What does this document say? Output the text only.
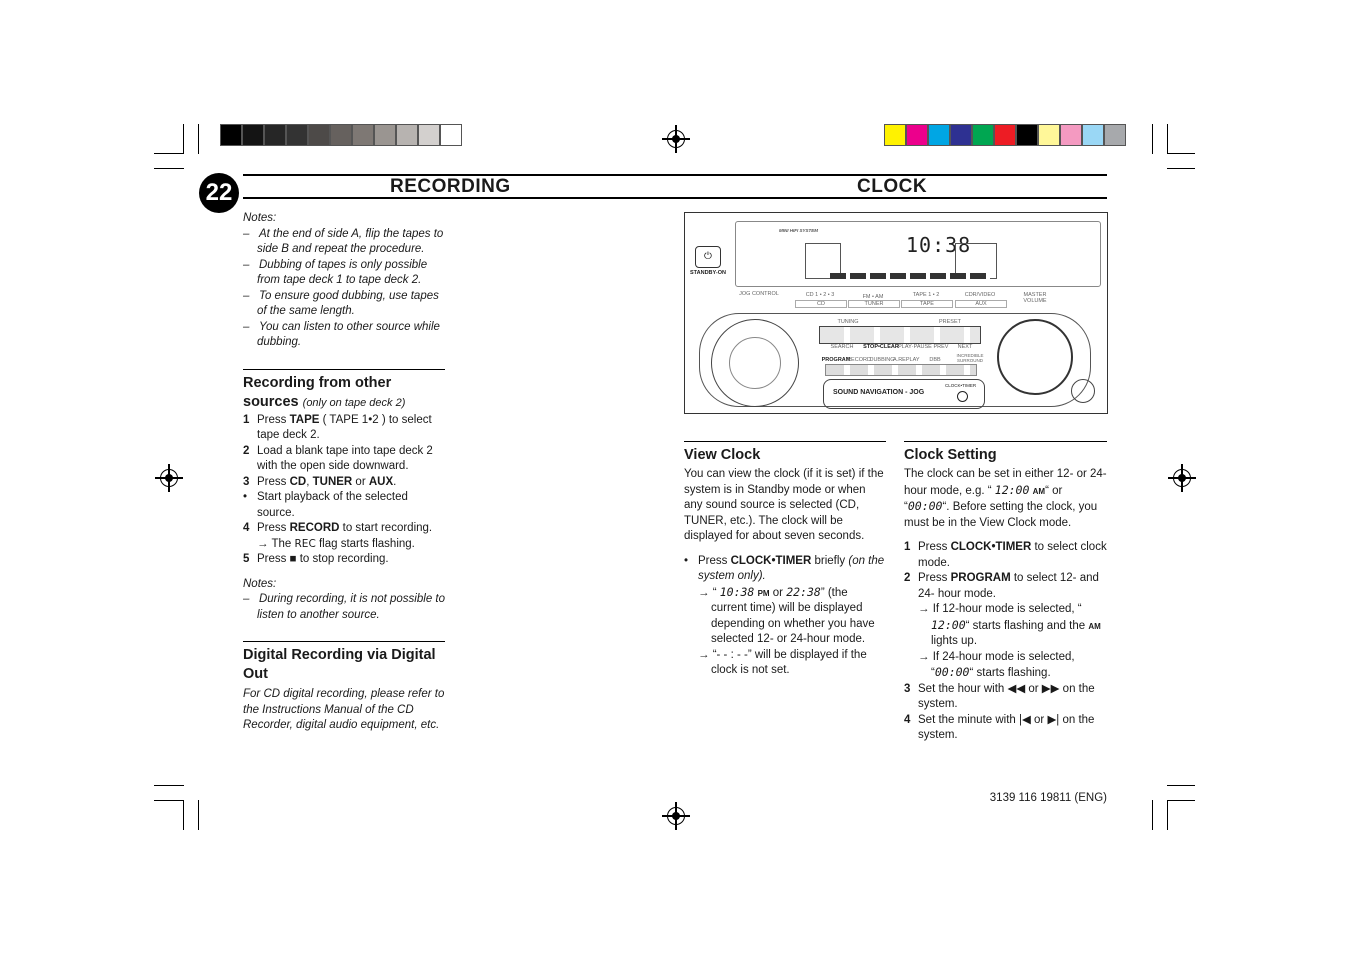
22	RECORDING	CLOCK
Notes:
–   At the end of side A, flip the tapes to side B and repeat the procedure.
–   Dubbing of tapes is only possible from tape deck 1 to tape deck 2.
–   To ensure good dubbing, use tapes of the same length.
–   You can listen to other source while dubbing.
Recording from other sources (only on tape deck 2)
1 Press TAPE ( TAPE 1•2 ) to select tape deck 2.
2 Load a blank tape into tape deck 2 with the open side downward.
3 Press CD, TUNER or AUX.
• Start playback of the selected source.
4 Press RECORD to start recording.
→ The REC flag starts flashing.
5 Press ■ to stop recording.
Notes:
–   During recording, it is not possible to listen to another source.
Digital Recording via Digital Out
For CD digital recording, please refer to the Instructions Manual of the CD Recorder, digital audio equipment, etc.
MINI HIFI SYSTEM
10:38
⏻
STANDBY-ON
JOG CONTROL	CD 1 • 2 • 3	FM • AM	TAPE 1 • 2	CDR/VIDEO
CD	TUNER	TAPE	AUX
MASTER VOLUME
TUNING	PRESET
SEARCH	STOP•CLEAR PLAY·PAUSE PREV	NEXT
PROGRAM
RECORD
DUBBING
A.REPLAY	DBB
INCREDIBLE SURROUND
SOUND NAVIGATION - JOG
CLOCK•TIMER
View Clock
You can view the clock (if it is set) if the system is in Standby mode or when any sound source is selected (CD, TUNER, etc.). The clock will be displayed for about seven seconds.
• Press CLOCK•TIMER briefly (on the system only).
→ “ 10:38 PM or 22:38” (the current time) will be displayed depending on whether you have selected 12- or 24-hour mode.
→ “- - : - -” will be displayed if the clock is not set.
Clock Setting
The clock can be set in either 12- or 24-hour mode, e.g. “ 12:00 AM“ or “00:00“. Before setting the clock, you must be in the View Clock mode.
1 Press CLOCK•TIMER to select clock mode.
2 Press PROGRAM to select 12- and 24- hour mode.
→ If 12-hour mode is selected, “ 12:00“ starts flashing and the AM lights up.
→ If 24-hour mode is selected, “00:00“ starts flashing.
3 Set the hour with ◀◀ or ▶▶ on the system.
4 Set the minute with |◀ or ▶| on the system.
3139 116 19811 (ENG)
